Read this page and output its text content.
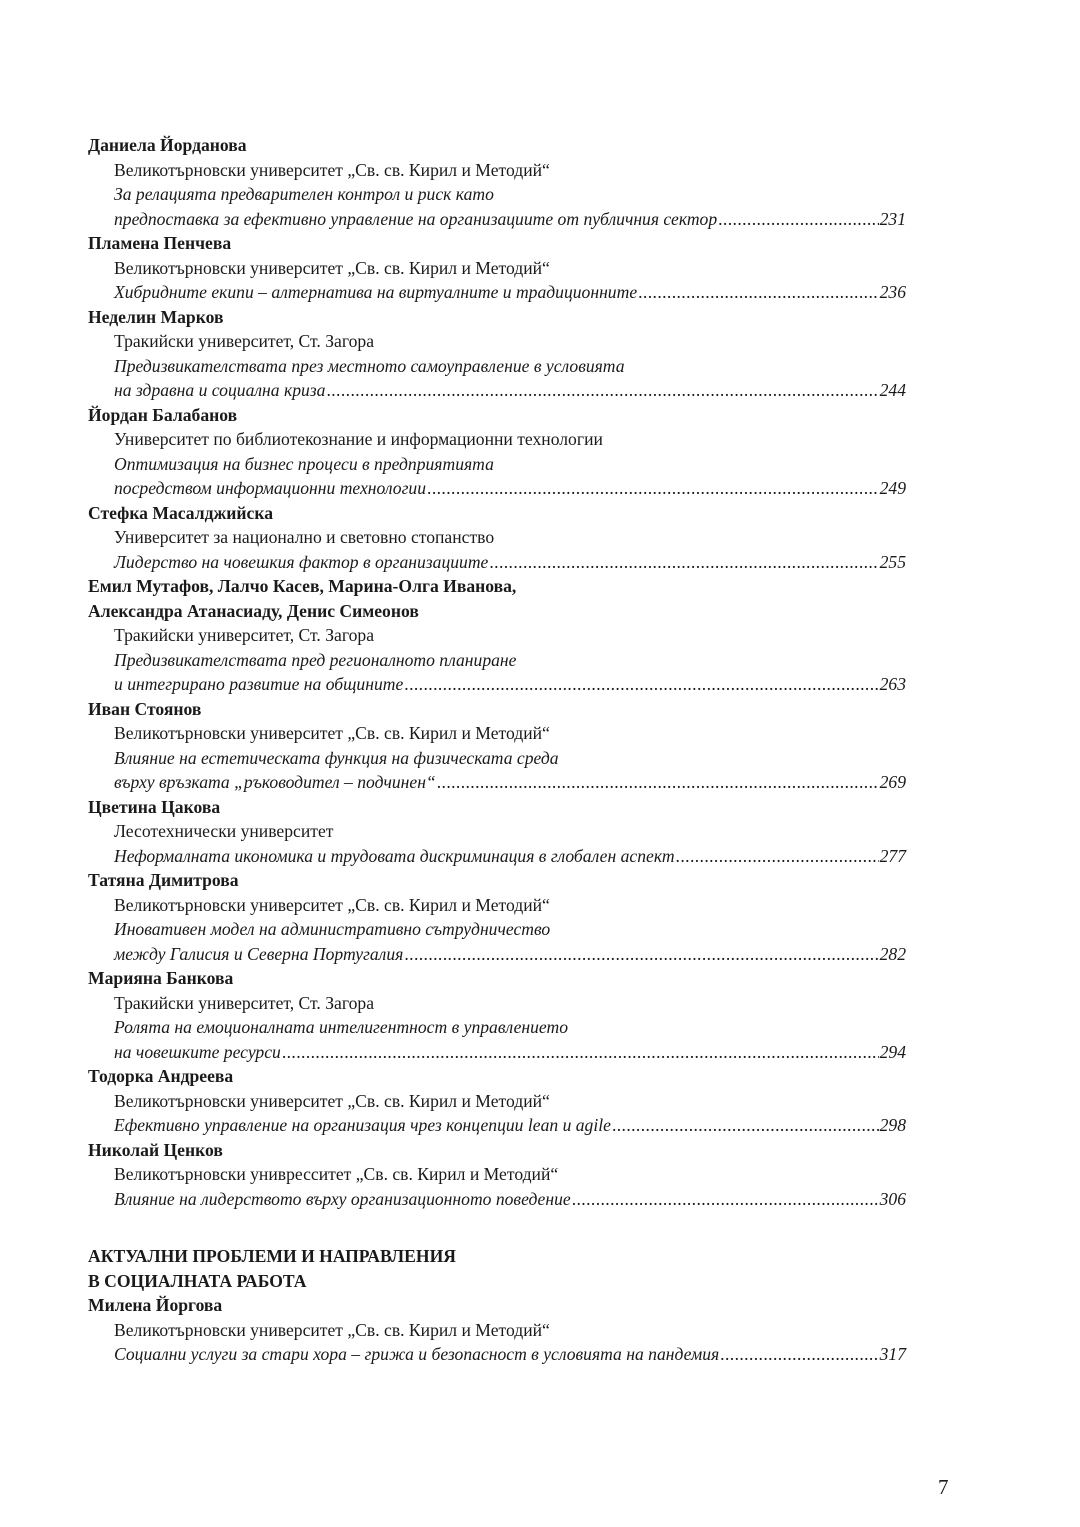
Даниела Йорданова
Великотърновски университет „Св. св. Кирил и Методий“
За релацията предварителен контрол и риск като
предпоставка за ефективно управление на организациите от публичния сектор .....	231
Пламена Пенчева
Великотърновски университет „Св. св. Кирил и Методий“
Хибридните екипи – алтернатива на виртуалните и традиционните .....	236
Неделин Марков
Тракийски университет, Ст. Загора
Предизвикателствата през местното самоуправление в условията
на здравна и социална криза .....	244
Йордан Балабанов
Университет по библиотекознание и информационни технологии
Оптимизация на бизнес процеси в предприятията
посредством информационни технологии .....	249
Стефка Масалджийска
Университет за национално и световно стопанство
Лидерство на човешкия фактор в организациите .....	255
Емил Мутафов, Лалчо Касев, Марина-Олга Иванова,
Александра Атанасиаду, Денис Симеонов
Тракийски университет, Ст. Загора
Предизвикателствата пред регионалното планиране
и интегрирано развитие на общините .....	263
Иван Стоянов
Великотърновски университет „Св. св. Кирил и Методий“
Влияние на естетическата функция на физическата среда
върху връзката „ръководител – подчинен“ .....	269
Цветина Цакова
Лесотехнически университет
Неформалната икономика и трудовата дискриминация в глобален аспект .....	277
Татяна Димитрова
Великотърновски университет „Св. св. Кирил и Методий“
Иновативен модел на административно сътрудничество
между Галисия и Северна Португалия .....	282
Марияна Банкова
Тракийски университет, Ст. Загора
Ролята на емоционалната интелигентност в управлението
на човешките ресурси .....	294
Тодорка Андреева
Великотърновски университет „Св. св. Кирил и Методий“
Ефективно управление на организация чрез концепции lean и agile .....	298
Николай Ценков
Великотърновски унивресситет „Св. св. Кирил и Методий“
Влияние на лидерството върху организационното поведение .....	306
АКТУАЛНИ ПРОБЛЕМИ И НАПРАВЛЕНИЯ
В СОЦИАЛНАТА РАБОТА
Милена Йоргова
Великотърновски университет „Св. св. Кирил и Методий“
Социални услуги за стари хора – грижа и безопасност в условията на пандемия .....	317
7
